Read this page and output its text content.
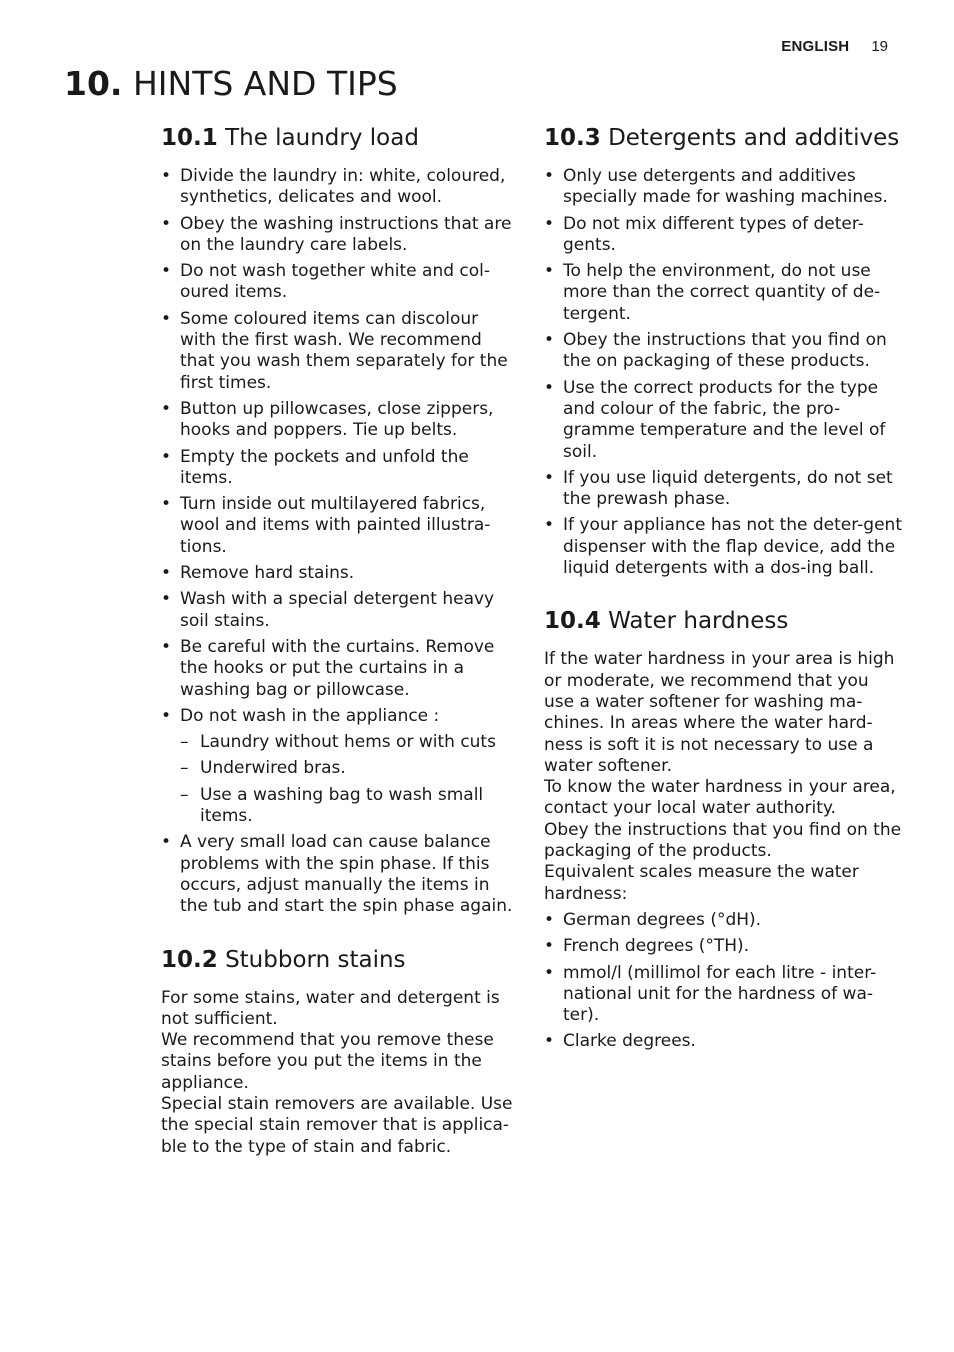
ENGLISH 19
10. HINTS AND TIPS
10.1 The laundry load
• Divide the laundry in: white, coloured, synthetics, delicates and wool.
• Obey the washing instructions that are on the laundry care labels.
• Do not wash together white and col-oured items.
• Some coloured items can discolour with the first wash. We recommend that you wash them separately for the first times.
• Button up pillowcases, close zippers, hooks and poppers. Tie up belts.
• Empty the pockets and unfold the items.
• Turn inside out multilayered fabrics, wool and items with painted illustra-tions.
• Remove hard stains.
• Wash with a special detergent heavy soil stains.
• Be careful with the curtains. Remove the hooks or put the curtains in a washing bag or pillowcase.
• Do not wash in the appliance :
– Laundry without hems or with cuts
– Underwired bras.
– Use a washing bag to wash small items.
• A very small load can cause balance problems with the spin phase. If this occurs, adjust manually the items in the tub and start the spin phase again.
10.2 Stubborn stains

For some stains, water and detergent is not sufficient.

We recommend that you remove these stains before you put the items in the appliance.

Special stain removers are available. Use the special stain remover that is applica-ble to the type of stain and fabric.

10.3 Detergents and additives
• Only use detergents and additives specially made for washing machines.
• Do not mix different types of deter-gents.
• To help the environment, do not use more than the correct quantity of de-tergent.
• Obey the instructions that you find on the on packaging of these products.
• Use the correct products for the type and colour of the fabric, the pro-gramme temperature and the level of soil.
• If you use liquid detergents, do not set the prewash phase.
• If your appliance has not the deter-gent dispenser with the flap device, add the liquid detergents with a dos-ing ball.
10.4 Water hardness

If the water hardness in your area is high or moderate, we recommend that you use a water softener for washing ma-chines. In areas where the water hard-ness is soft it is not necessary to use a water softener.

To know the water hardness in your area, contact your local water authority.

Obey the instructions that you find on the packaging of the products.

Equivalent scales measure the water hardness:

• German degrees (°dH).
• French degrees (°TH).
• mmol/l (millimol for each litre - inter-national unit for the hardness of wa-ter).
• Clarke degrees.
